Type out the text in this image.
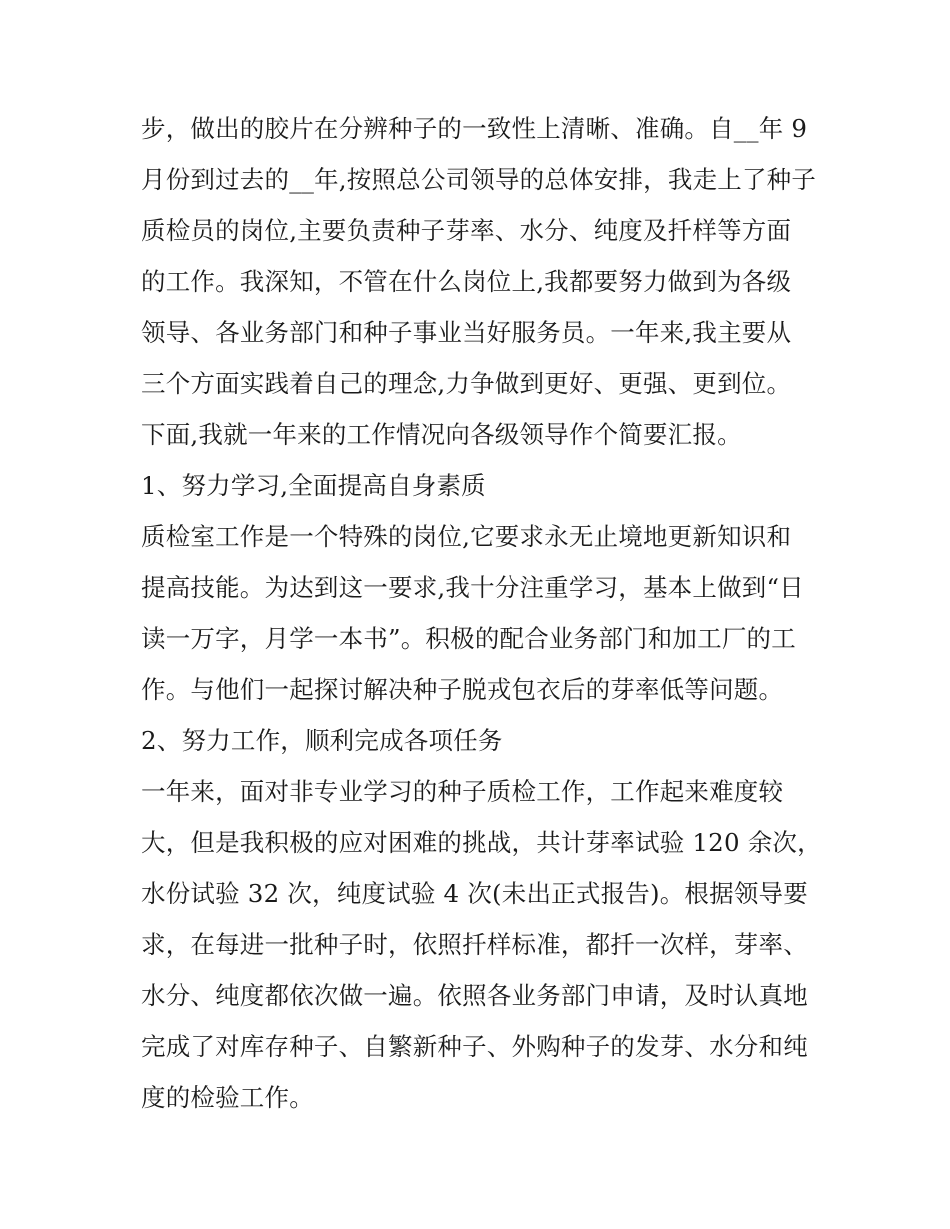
步，做出的胶片在分辨种子的一致性上清晰、准确。自__年 9
月份到过去的__年,按照总公司领导的总体安排，我走上了种子
质检员的岗位,主要负责种子芽率、水分、纯度及扦样等方面
的工作。我深知，不管在什么岗位上,我都要努力做到为各级
领导、各业务部门和种子事业当好服务员。一年来,我主要从
三个方面实践着自己的理念,力争做到更好、更强、更到位。
下面,我就一年来的工作情况向各级领导作个简要汇报。
1、努力学习,全面提高自身素质
质检室工作是一个特殊的岗位,它要求永无止境地更新知识和
提高技能。为达到这一要求,我十分注重学习，基本上做到“日
读一万字，月学一本书”。积极的配合业务部门和加工厂的工
作。与他们一起探讨解决种子脱戎包衣后的芽率低等问题。
2、努力工作，顺利完成各项任务
一年来，面对非专业学习的种子质检工作，工作起来难度较
大，但是我积极的应对困难的挑战，共计芽率试验 120 余次，
水份试验 32 次，纯度试验 4 次(未出正式报告)。根据领导要
求，在每进一批种子时，依照扦样标准，都扦一次样，芽率、
水分、纯度都依次做一遍。依照各业务部门申请，及时认真地
完成了对库存种子、自繁新种子、外购种子的发芽、水分和纯
度的检验工作。
